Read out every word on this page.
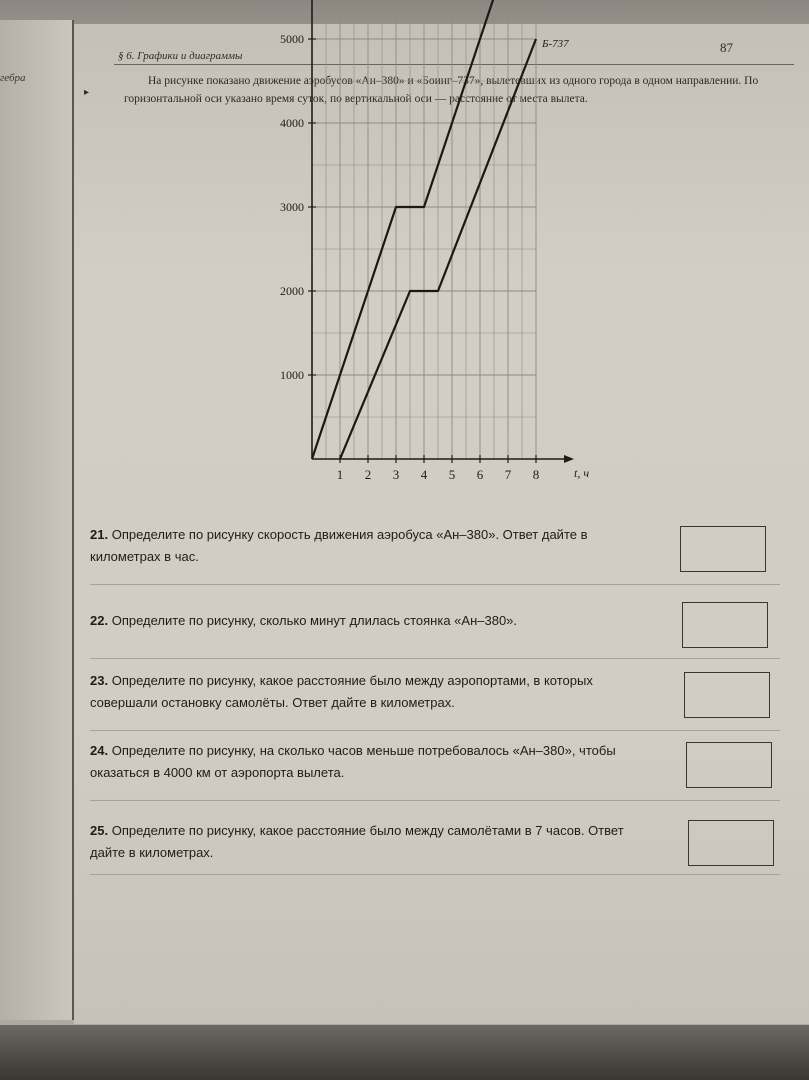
гебра
§ 6. Графики и диаграммы
87
▸
На рисунке показано движение аэробусов «Ан–380» и «Боинг–737», вылетевших из одного города в одном направлении. По горизонтальной оси указано время суток, по вертикальной оси — расстояние от места вылета.
1 2 3 4 5 6 7 8
1000
2000
3000
4000
5000
t, ч
Б-737
21. Определите по рисунку скорость движения аэробуса «Ан–380». Ответ дайте в километрах в час.
22. Определите по рисунку, сколько минут длилась стоянка «Ан–380».
23. Определите по рисунку, какое расстояние было между аэропортами, в которых совершали остановку самолёты. Ответ дайте в километрах.
24. Определите по рисунку, на сколько часов меньше потребовалось «Ан–380», чтобы оказаться в 4000 км от аэропорта вылета.
25. Определите по рисунку, какое расстояние было между самолётами в 7 часов. Ответ дайте в километрах.
